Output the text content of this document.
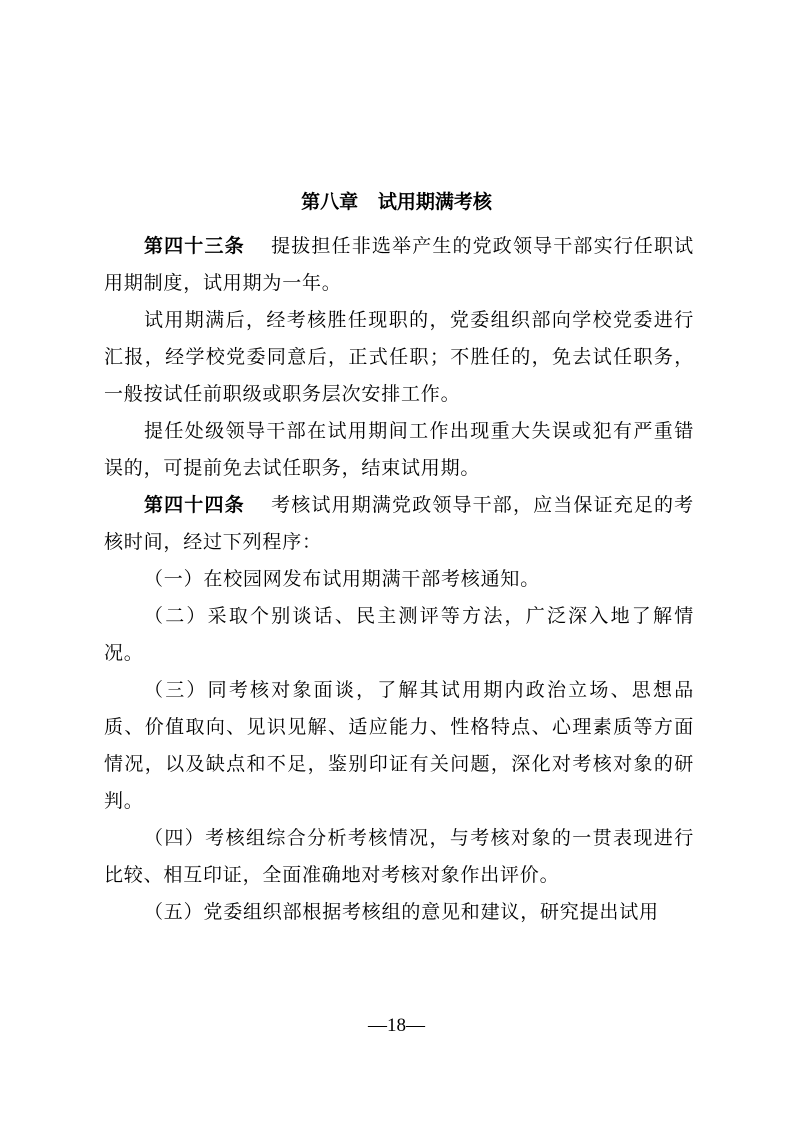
第八章   试用期满考核

第四十三条 提拔担任非选举产生的党政领导干部实行任职试用期制度，试用期为一年。

试用期满后，经考核胜任现职的，党委组织部向学校党委进行汇报，经学校党委同意后，正式任职；不胜任的，免去试任职务，一般按试任前职级或职务层次安排工作。

提任处级领导干部在试用期间工作出现重大失误或犯有严重错误的，可提前免去试任职务，结束试用期。

第四十四条 考核试用期满党政领导干部，应当保证充足的考核时间，经过下列程序：

（一）在校园网发布试用期满干部考核通知。

（二）采取个别谈话、民主测评等方法，广泛深入地了解情况。

（三）同考核对象面谈，了解其试用期内政治立场、思想品质、价值取向、见识见解、适应能力、性格特点、心理素质等方面情况，以及缺点和不足，鉴别印证有关问题，深化对考核对象的研判。

（四）考核组综合分析考核情况，与考核对象的一贯表现进行比较、相互印证，全面准确地对考核对象作出评价。

（五）党委组织部根据考核组的意见和建议，研究提出试用

—18—
